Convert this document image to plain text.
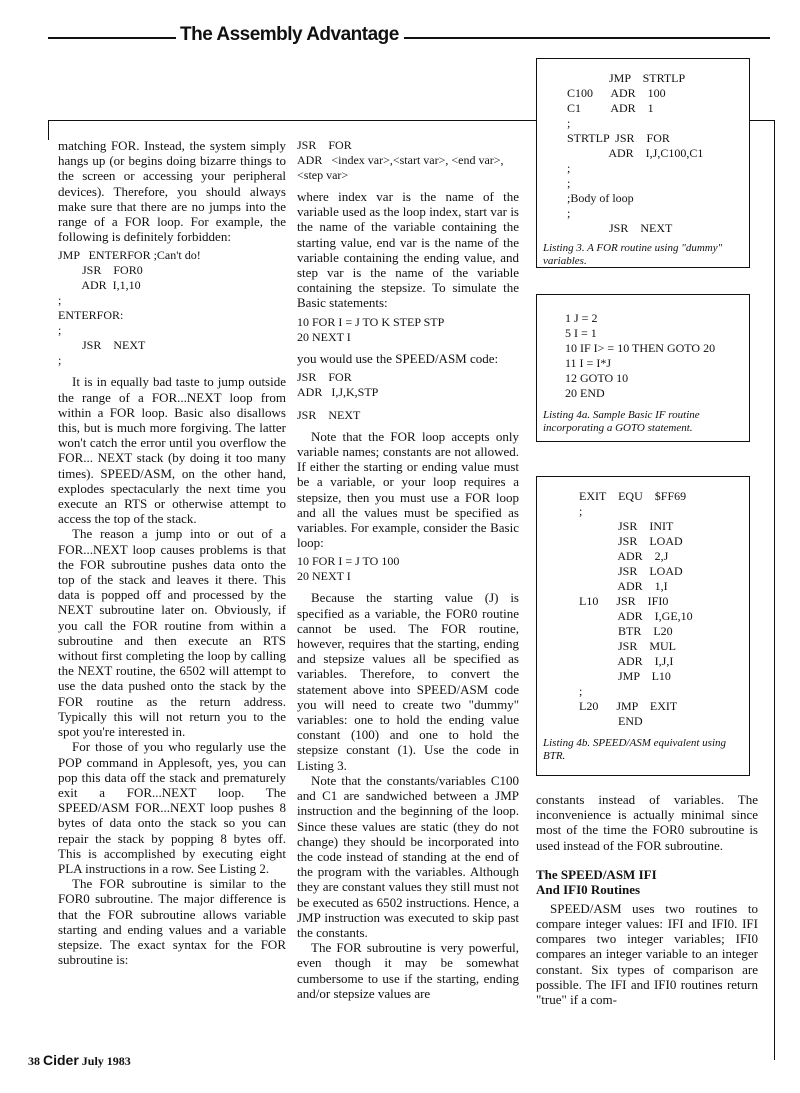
The Assembly Advantage

matching FOR. Instead, the system simply hangs up (or begins doing bizarre things to the screen or accessing your peripheral devices). Therefore, you should always make sure that there are no jumps into the range of a FOR loop. For example, the following is definitely forbidden:

JMP   ENTERFOR ;Can't do!
JSR    FOR0
ADR  I,1,10
;
ENTERFOR:
;
JSR    NEXT
;

It is in equally bad taste to jump outside the range of a FOR...NEXT loop from within a FOR loop. Basic also disallows this, but is much more forgiving. The latter won't catch the error until you overflow the FOR... NEXT stack (by doing it too many times). SPEED/ASM, on the other hand, explodes spectacularly the next time you execute an RTS or otherwise attempt to access the top of the stack.

The reason a jump into or out of a FOR...NEXT loop causes problems is that the FOR subroutine pushes data onto the top of the stack and leaves it there. This data is popped off and processed by the NEXT subroutine later on. Obviously, if you call the FOR routine from within a subroutine and then execute an RTS without first completing the loop by calling the NEXT routine, the 6502 will attempt to use the data pushed onto the stack by the FOR routine as the return address. Typically this will not return you to the spot you're interested in.

For those of you who regularly use the POP command in Applesoft, yes, you can pop this data off the stack and prematurely exit a FOR...NEXT loop. The SPEED/ASM FOR...NEXT loop pushes 8 bytes of data onto the stack so you can repair the stack by popping 8 bytes off. This is accomplished by executing eight PLA instructions in a row. See Listing 2.

The FOR subroutine is similar to the FOR0 subroutine. The major difference is that the FOR subroutine allows variable starting and ending values and a variable stepsize. The exact syntax for the FOR subroutine is:

JSR    FOR
ADR   <index var>,<start var>, <end var>,
<step var>

where index var is the name of the variable used as the loop index, start var is the name of the variable containing the starting value, end var is the name of the variable containing the ending value, and step var is the name of the variable containing the stepsize. To simulate the Basic statements:

10 FOR I = J TO K STEP STP
20 NEXT I

you would use the SPEED/ASM code:

JSR    FOR
ADR   I,J,K,STP
JSR    NEXT

Note that the FOR loop accepts only variable names; constants are not allowed. If either the starting or ending value must be a variable, or your loop requires a stepsize, then you must use a FOR loop and all the values must be specified as variables. For example, consider the Basic loop:

10 FOR I = J TO 100
20 NEXT I

Because the starting value (J) is specified as a variable, the FOR0 routine cannot be used. The FOR routine, however, requires that the starting, ending and stepsize values all be specified as variables. Therefore, to convert the statement above into SPEED/ASM code you will need to create two "dummy" variables: one to hold the ending value constant (100) and one to hold the stepsize constant (1). Use the code in Listing 3.

Note that the constants/variables C100 and C1 are sandwiched between a JMP instruction and the beginning of the loop. Since these values are static (they do not change) they should be incorporated into the code instead of standing at the end of the program with the variables. Although they are constant values they still must not be executed as 6502 instructions. Hence, a JMP instruction was executed to skip past the constants.

The FOR subroutine is very powerful, even though it may be somewhat cumbersome to use if the starting, ending and/or stepsize values are

JMP    STRTLP
C100      ADR    100
C1          ADR    1
;
STRTLP  JSR    FOR
ADR    I,J,C100,C1
;
;
;Body of loop
;
JSR    NEXT
Listing 3. A FOR routine using "dummy" variables.
1 J = 2
5 I = 1
10 IF I> = 10 THEN GOTO 20
11 I = I*J
12 GOTO 10
20 END
Listing 4a. Sample Basic IF routine incorporating a GOTO statement.
EXIT    EQU    $FF69
;
JSR    INIT
JSR    LOAD
ADR    2,J
JSR    LOAD
ADR    1,I
L10      JSR    IFI0
ADR    I,GE,10
BTR    L20
JSR    MUL
ADR    I,J,I
JMP    L10
;
L20      JMP    EXIT
END
Listing 4b. SPEED/ASM equivalent using BTR.

constants instead of variables. The inconvenience is actually minimal since most of the time the FOR0 subroutine is used instead of the FOR subroutine.

The SPEED/ASM IFI
And IFI0 Routines

SPEED/ASM uses two routines to compare integer values: IFI and IFI0. IFI compares two integer variables; IFI0 compares an integer variable to an integer constant. Six types of comparison are possible. The IFI and IFI0 routines return "true" if a com-

38 Cider July 1983
